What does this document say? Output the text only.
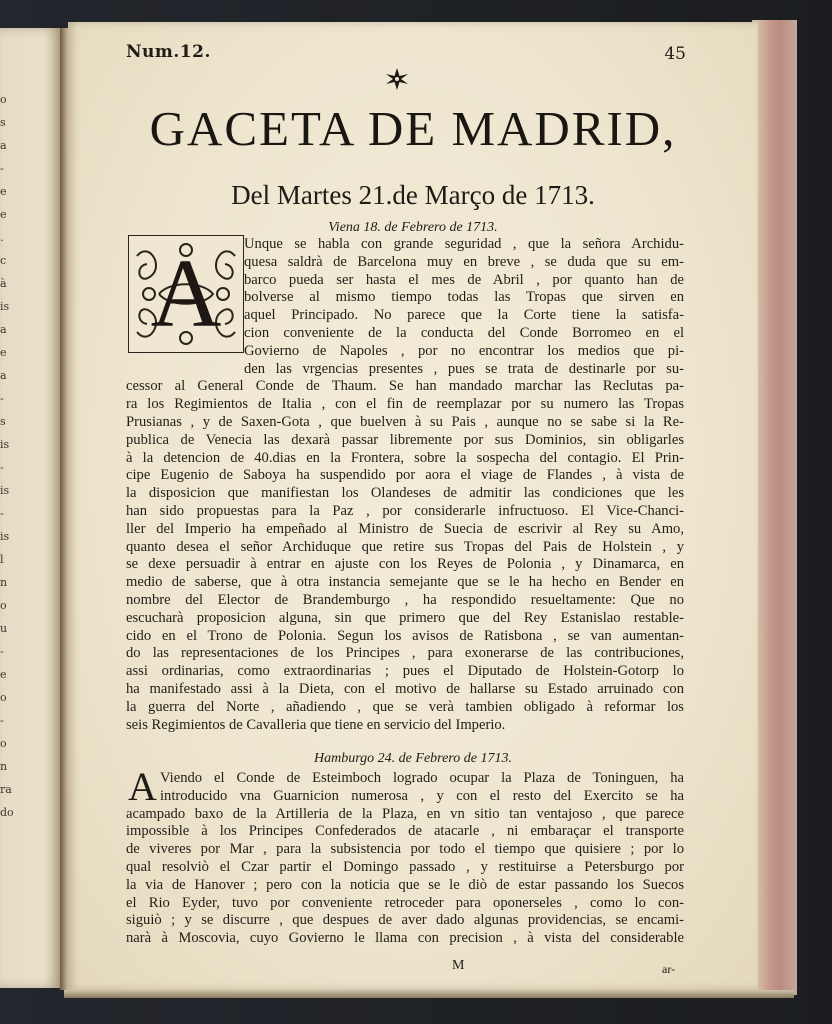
o
s
a
-
e
e
.
c
à
is
a
e
a
-
s
is
-
is
-
is
l
n
o
u
-
e
o
-
o
n
ra
do
Num.12.	45
GACETA DE MADRID,
Del Martes 21.de Março de 1713.
Viena 18. de Febrero de 1713.
A	Unque se habla con grande seguridad , que la señora Archidu-
quesa saldrà de Barcelona muy en breve , se duda que su em-
barco pueda ser hasta el mes de Abril , por quanto han de
bolverse al mismo tiempo todas las Tropas que sirven en
aquel Principado. No parece que la Corte tiene la satisfa-
cion conveniente de la conducta del Conde Borromeo en el
Govierno de Napoles , por no encontrar los medios que pi-
den las vrgencias presentes , pues se trata de destinarle por su-
cessor al General Conde de Thaum. Se han mandado marchar las Reclutas pa-
ra los Regimientos de Italia , con el fin de reemplazar por su numero las Tropas
Prusianas , y de Saxen-Gota , que buelven à su Pais , aunque no se sabe si la Re-
publica de Venecia las dexarà passar libremente por sus Dominios, sin obligarles
à la detencion de 40.dias en la Frontera, sobre la sospecha del contagio. El Prin-
cipe Eugenio de Saboya ha suspendido por aora el viage de Flandes , à vista de
la disposicion que manifiestan los Olandeses de admitir las condiciones que les
han sido propuestas para la Paz , por considerarle infructuoso. El Vice-Chanci-
ller del Imperio ha empeñado al Ministro de Suecia de escrivir al Rey su Amo,
quanto desea el señor Archiduque que retire sus Tropas del Pais de Holstein , y
se dexe persuadir à entrar en ajuste con los Reyes de Polonia , y Dinamarca, en
medio de saberse, que à otra instancia semejante que se le ha hecho en Bender en
nombre del Elector de Brandemburgo , ha respondido resueltamente: Que no
escucharà proposicion alguna, sin que primero que del Rey Estanislao restable-
cido en el Trono de Polonia. Segun los avisos de Ratisbona , se van aumentan-
do las representaciones de los Principes , para exonerarse de las contribuciones,
assi ordinarias, como extraordinarias ; pues el Diputado de Holstein-Gotorp lo
ha manifestado assi à la Dieta, con el motivo de hallarse su Estado arruinado con
la guerra del Norte , añadiendo , que se verà tambien obligado à reformar los
seis Regimientos de Cavalleria que tiene en servicio del Imperio.
Hamburgo 24. de Febrero de 1713.
A Viendo el Conde de Esteimboch logrado ocupar la Plaza de Toninguen, ha
introducido vna Guarnicion numerosa , y con el resto del Exercito se ha
acampado baxo de la Artilleria de la Plaza, en vn sitio tan ventajoso , que parece
impossible à los Principes Confederados de atacarle , ni embaraçar el transporte
de viveres por Mar , para la subsistencia por todo el tiempo que quisiere ; por lo
qual resolviò el Czar partir el Domingo passado , y restituirse a Petersburgo por
la via de Hanover ; pero con la noticia que se le diò de estar passando los Suecos
el Rio Eyder, tuvo por conveniente retroceder para oponerseles , como lo con-
siguiò ; y se discurre , que despues de aver dado algunas providencias, se encami-
narà à Moscovia, cuyo Govierno le llama con precision , à vista del considerable
M	ar-
